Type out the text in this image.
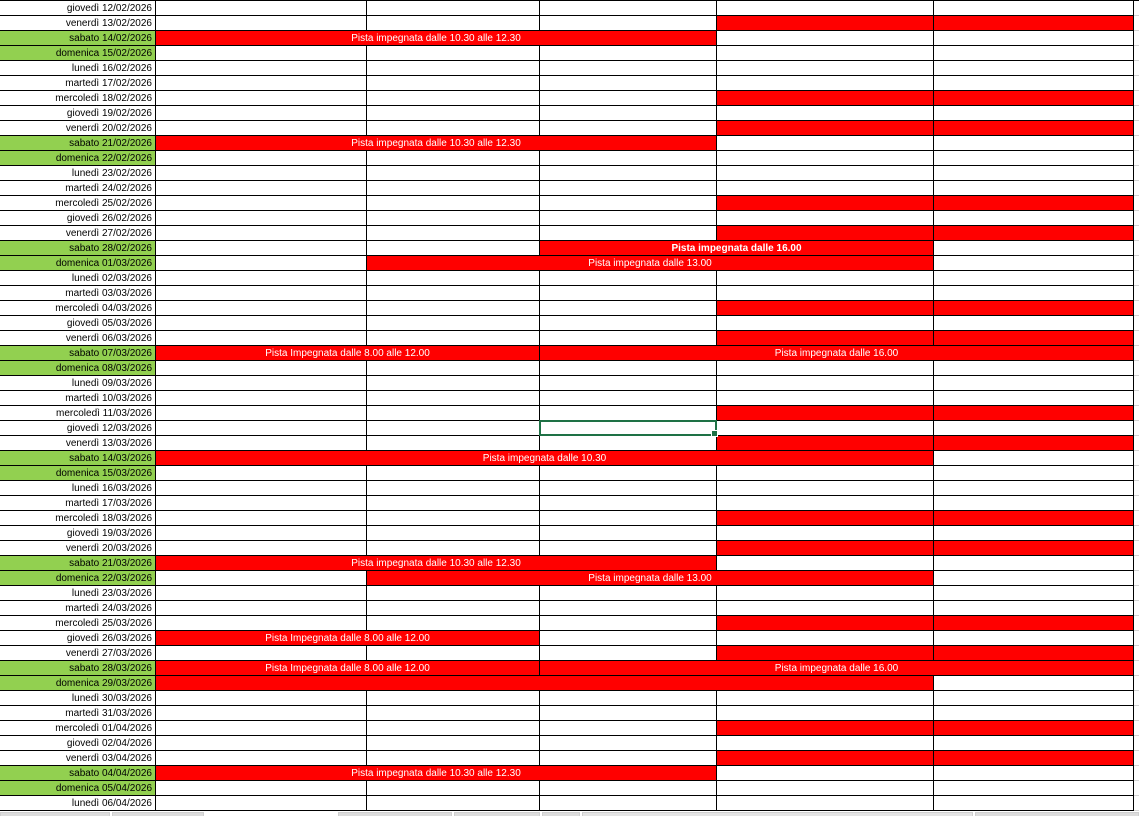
giovedì 12/02/2026
venerdì 13/02/2026
sabato 14/02/2026	Pista impegnata dalle 10.30 alle 12.30
domenica 15/02/2026
lunedì 16/02/2026
martedì 17/02/2026
mercoledì 18/02/2026
giovedì 19/02/2026
venerdì 20/02/2026
sabato 21/02/2026	Pista impegnata dalle 10.30 alle 12.30
domenica 22/02/2026
lunedì 23/02/2026
martedì 24/02/2026
mercoledì 25/02/2026
giovedì 26/02/2026
venerdì 27/02/2026
sabato 28/02/2026	Pista impegnata dalle 16.00
domenica 01/03/2026	Pista impegnata dalle 13.00
lunedì 02/03/2026
martedì 03/03/2026
mercoledì 04/03/2026
giovedì 05/03/2026
venerdì 06/03/2026
sabato 07/03/2026	Pista Impegnata dalle 8.00 alle 12.00	Pista impegnata dalle 16.00
domenica 08/03/2026
lunedì 09/03/2026
martedì 10/03/2026
mercoledì 11/03/2026
giovedì 12/03/2026
venerdì 13/03/2026
sabato 14/03/2026	Pista impegnata dalle 10.30
domenica 15/03/2026
lunedì 16/03/2026
martedì 17/03/2026
mercoledì 18/03/2026
giovedì 19/03/2026
venerdì 20/03/2026
sabato 21/03/2026	Pista impegnata dalle 10.30 alle 12.30
domenica 22/03/2026	Pista impegnata dalle 13.00
lunedì 23/03/2026
martedì 24/03/2026
mercoledì 25/03/2026
giovedì 26/03/2026	Pista Impegnata dalle 8.00 alle 12.00
venerdì 27/03/2026
sabato 28/03/2026	Pista Impegnata dalle 8.00 alle 12.00	Pista impegnata dalle 16.00
domenica 29/03/2026
lunedì 30/03/2026
martedì 31/03/2026
mercoledì 01/04/2026
giovedì 02/04/2026
venerdì 03/04/2026
sabato 04/04/2026	Pista impegnata dalle 10.30 alle 12.30
domenica 05/04/2026
lunedì 06/04/2026
